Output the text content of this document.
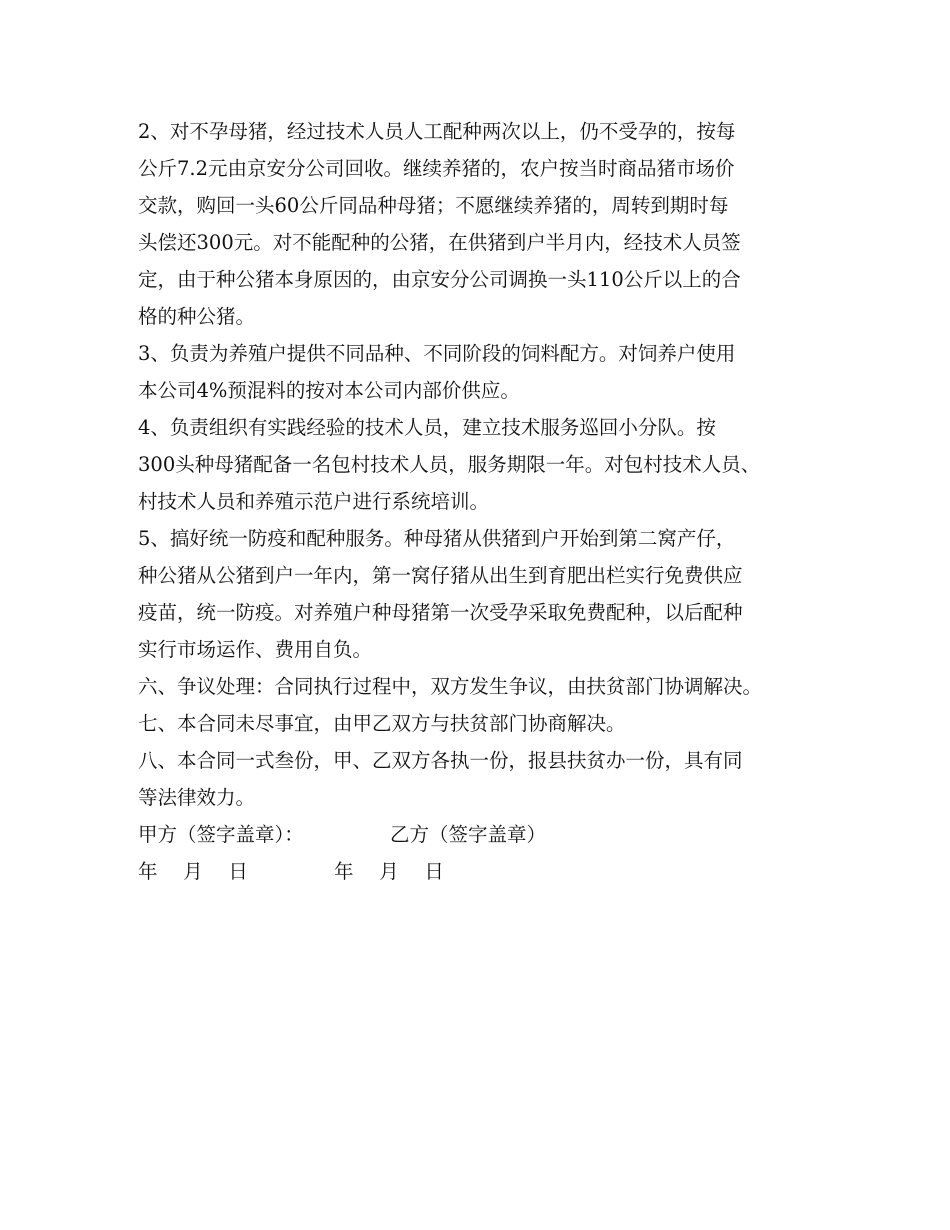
2、对不孕母猪，经过技术人员人工配种两次以上，仍不受孕的，按每
公斤7.2元由京安分公司回收。继续养猪的，农户按当时商品猪市场价
交款，购回一头60公斤同品种母猪；不愿继续养猪的，周转到期时每
头偿还300元。对不能配种的公猪，在供猪到户半月内，经技术人员签
定，由于种公猪本身原因的，由京安分公司调换一头110公斤以上的合
格的种公猪。
3、负责为养殖户提供不同品种、不同阶段的饲料配方。对饲养户使用
本公司4%预混料的按对本公司内部价供应。
4、负责组织有实践经验的技术人员，建立技术服务巡回小分队。按
300头种母猪配备一名包村技术人员，服务期限一年。对包村技术人员、
村技术人员和养殖示范户进行系统培训。
5、搞好统一防疫和配种服务。种母猪从供猪到户开始到第二窝产仔，
种公猪从公猪到户一年内，第一窝仔猪从出生到育肥出栏实行免费供应
疫苗，统一防疫。对养殖户种母猪第一次受孕采取免费配种，以后配种
实行市场运作、费用自负。
六、争议处理：合同执行过程中，双方发生争议，由扶贫部门协调解决。
七、本合同未尽事宜，由甲乙双方与扶贫部门协商解决。
八、本合同一式叁份，甲、乙双方各执一份，报县扶贫办一份，具有同
等法律效力。
甲方（签字盖章）：	乙方（签字盖章）
年　 月　 日	年　 月　 日
